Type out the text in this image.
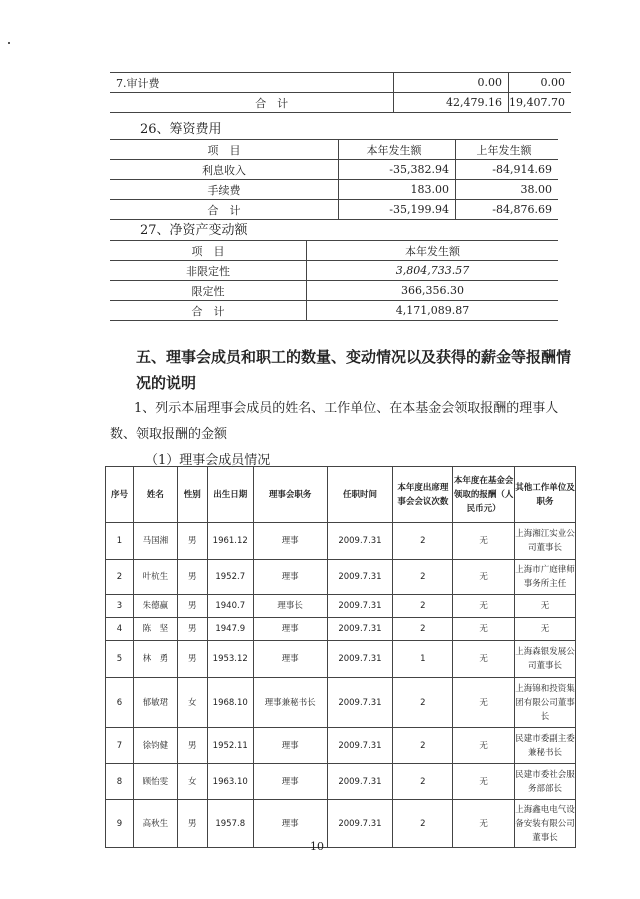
7.审计费	0.00	0.00
合　计	42,479.16	19,407.70
26、筹资费用
项　目	本年发生额	上年发生额
利息收入	-35,382.94	-84,914.69
手续费	183.00	38.00
合　计	-35,199.94	-84,876.69
27、净资产变动额
项　目	本年发生额
非限定性	3,804,733.57
限定性	366,356.30
合　计	4,171,089.87
五、理事会成员和职工的数量、变动情况以及获得的薪金等报酬情况的说明
1、列示本届理事会成员的姓名、工作单位、在本基金会领取报酬的理事人数、领取报酬的金额
（1）理事会成员情况
序号	姓名	性别	出生日期	理事会职务	任职时间	本年度出席理事会会议次数	本年度在基金会领取的报酬（人民币元）	其他工作单位及职务
1	马国湘	男	1961.12	理事	2009.7.31	2	无	上海湘江实业公司董事长
2	叶杭生	男	1952.7	理事	2009.7.31	2	无	上海市广庭律师事务所主任
3	朱德赢	男	1940.7	理事长	2009.7.31	2	无	无
4	陈　坚	男	1947.9	理事	2009.7.31	2	无	无
5	林　勇	男	1953.12	理事	2009.7.31	1	无	上海森银发展公司董事长
6	郁敏珺	女	1968.10	理事兼秘书长	2009.7.31	2	无	上海锦和投资集团有限公司董事长
7	徐钧健	男	1952.11	理事	2009.7.31	2	无	民建市委副主委兼秘书长
8	顾怡雯	女	1963.10	理事	2009.7.31	2	无	民建市委社会服务部部长
9	高秋生	男	1957.8	理事	2009.7.31	2	无	上海鑫电电气设备安装有限公司董事长
10
